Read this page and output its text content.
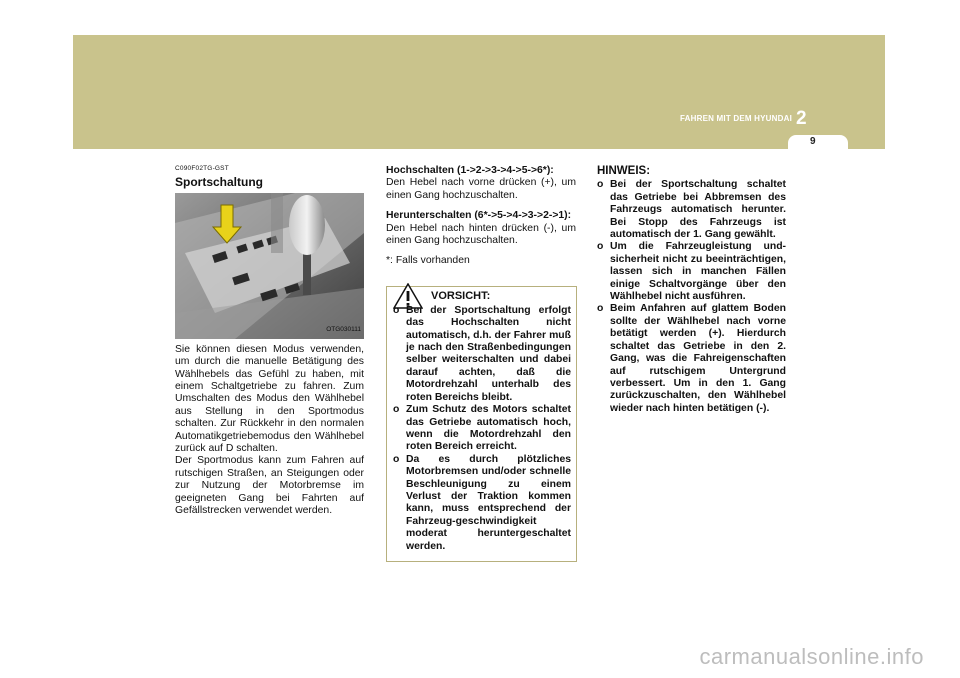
FAHREN MIT DEM HYUNDAI 2
9
C090F02TG-GST
Sportschaltung
OTG030111

Sie können diesen Modus verwenden, um durch die manuelle Betätigung des Wählhebels das Gefühl zu haben, mit einem Schaltgetriebe zu fahren. Zum Umschalten des Modus den Wählhebel aus Stellung in den Sportmodus schalten. Zur Rückkehr in den normalen Automatikgetriebemodus den Wählhebel zurück auf D schalten.

Der Sportmodus kann zum Fahren auf rutschigen Straßen, an Steigungen oder zur Nutzung der Motorbremse im geeigneten Gang bei Fahrten auf Gefällstrecken verwendet werden.

Hochschalten (1->2->3->4->5->6*):

Den Hebel nach vorne drücken (+), um einen Gang hochzuschalten.

Herunterschalten (6*->5->4->3->2->1):

Den Hebel nach hinten drücken (-), um einen Gang hochzuschalten.

*: Falls vorhanden

VORSICHT:
o Bei der Sportschaltung erfolgt das Hochschalten nicht automatisch, d.h. der Fahrer muß je nach den Straßenbedingungen selber weiterschalten und dabei darauf achten, daß die Motordrehzahl unterhalb des roten Bereichs bleibt.
o Zum Schutz des Motors schaltet das Getriebe automatisch hoch, wenn die Motordrehzahl den roten Bereich erreicht.
o Da es durch plötzliches Motorbremsen und/oder schnelle Beschleunigung zu einem Verlust der Traktion kommen kann, muss entsprechend der Fahrzeug-geschwindigkeit moderat heruntergeschaltet werden.
HINWEIS:
o Bei der Sportschaltung schaltet das Getriebe bei Abbremsen des Fahrzeugs automatisch herunter. Bei Stopp des Fahrzeugs ist automatisch der 1. Gang gewählt.
o Um die Fahrzeugleistung und-sicherheit nicht zu beeinträchtigen, lassen sich in manchen Fällen einige Schaltvorgänge über den Wählhebel nicht ausführen.
o Beim Anfahren auf glattem Boden sollte der Wählhebel nach vorne betätigt werden (+). Hierdurch schaltet das Getriebe in den 2. Gang, was die Fahreigenschaften auf rutschigem Untergrund verbessert. Um in den 1. Gang zurückzuschalten, den Wählhebel wieder nach hinten betätigen (-).
carmanualsonline.info
